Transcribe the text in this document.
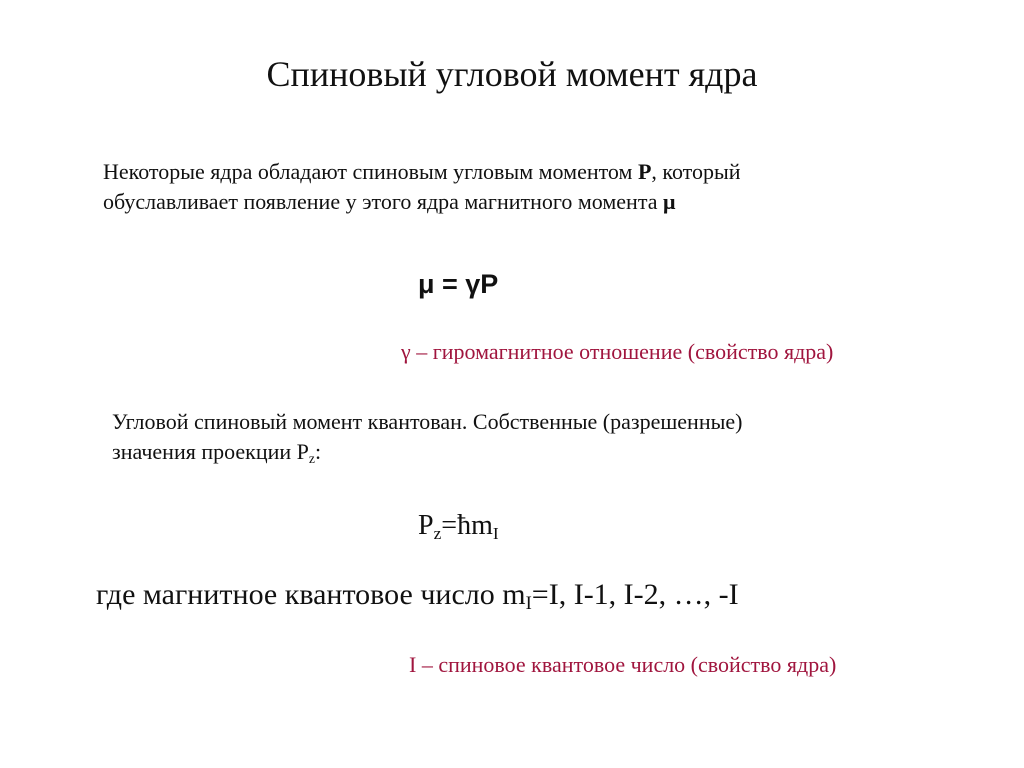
Спиновый угловой момент ядра
Некоторые ядра обладают спиновым угловым моментом P, который
обуславливает появление у этого ядра магнитного момента μ
μ = γP
γ – гиромагнитное отношение (свойство ядра)
Угловой спиновый момент квантован. Собственные (разрешенные)
значения проекции $P_z$:
$P_z=ħm_I$
где магнитное квантовое число $m_I=I$, I-1, I-2, …, -I
I – спиновое квантовое число (свойство ядра)
